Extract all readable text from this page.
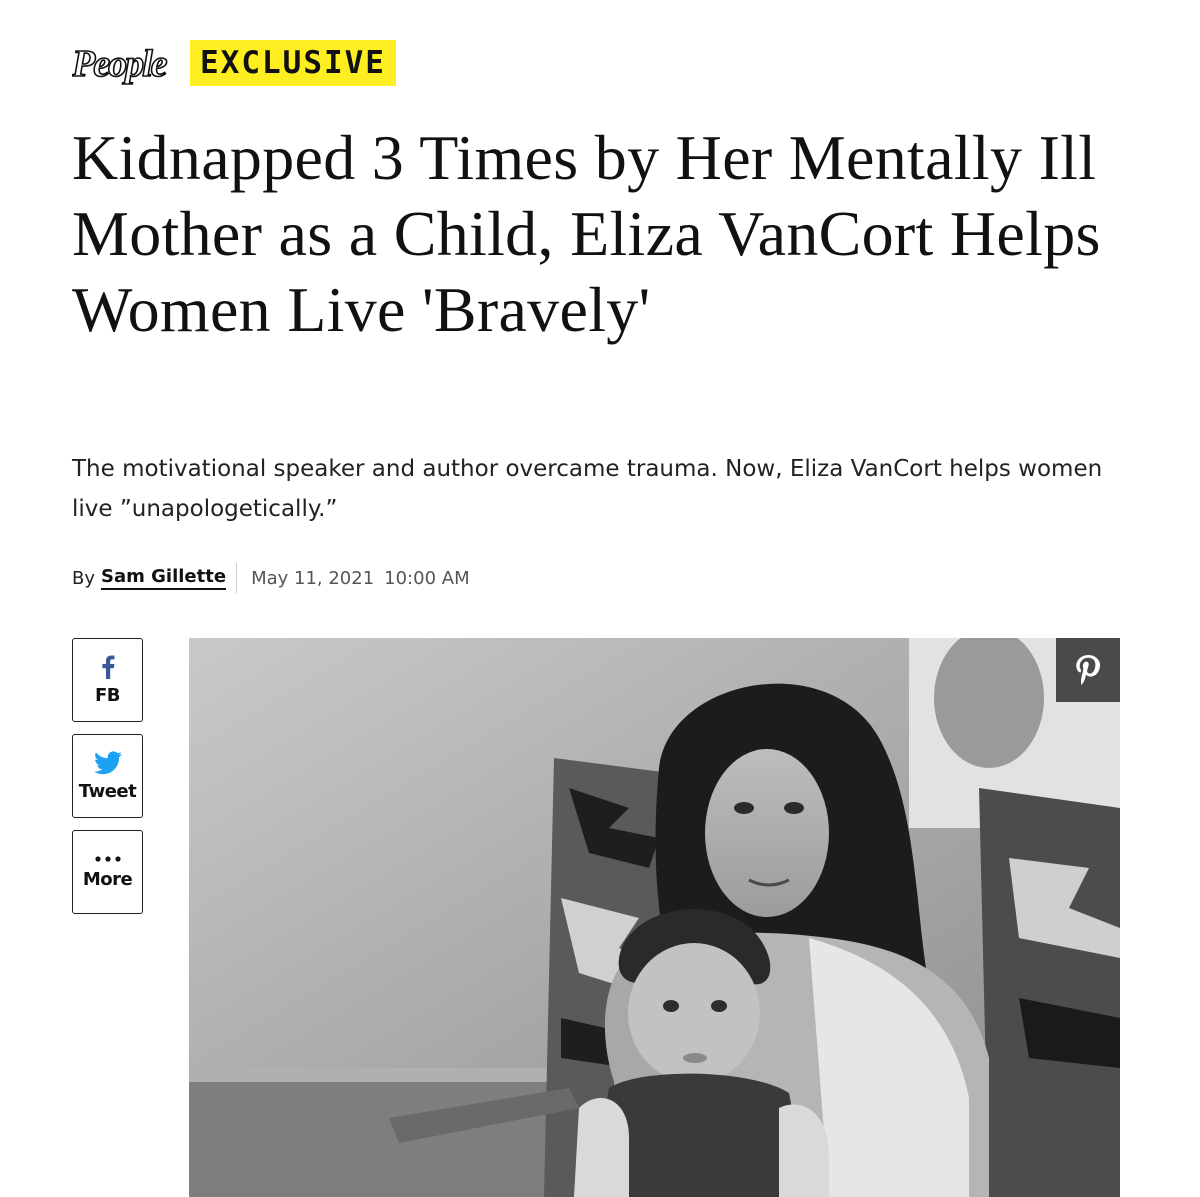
People	EXCLUSIVE
Kidnapped 3 Times by Her Mentally Ill Mother as a Child, Eliza VanCort Helps Women Live 'Bravely'

The motivational speaker and author overcame trauma. Now, Eliza VanCort helps women live ”unapologetically.”

By Sam Gillette May 11, 2021 10:00 AM
FB
Tweet
More
